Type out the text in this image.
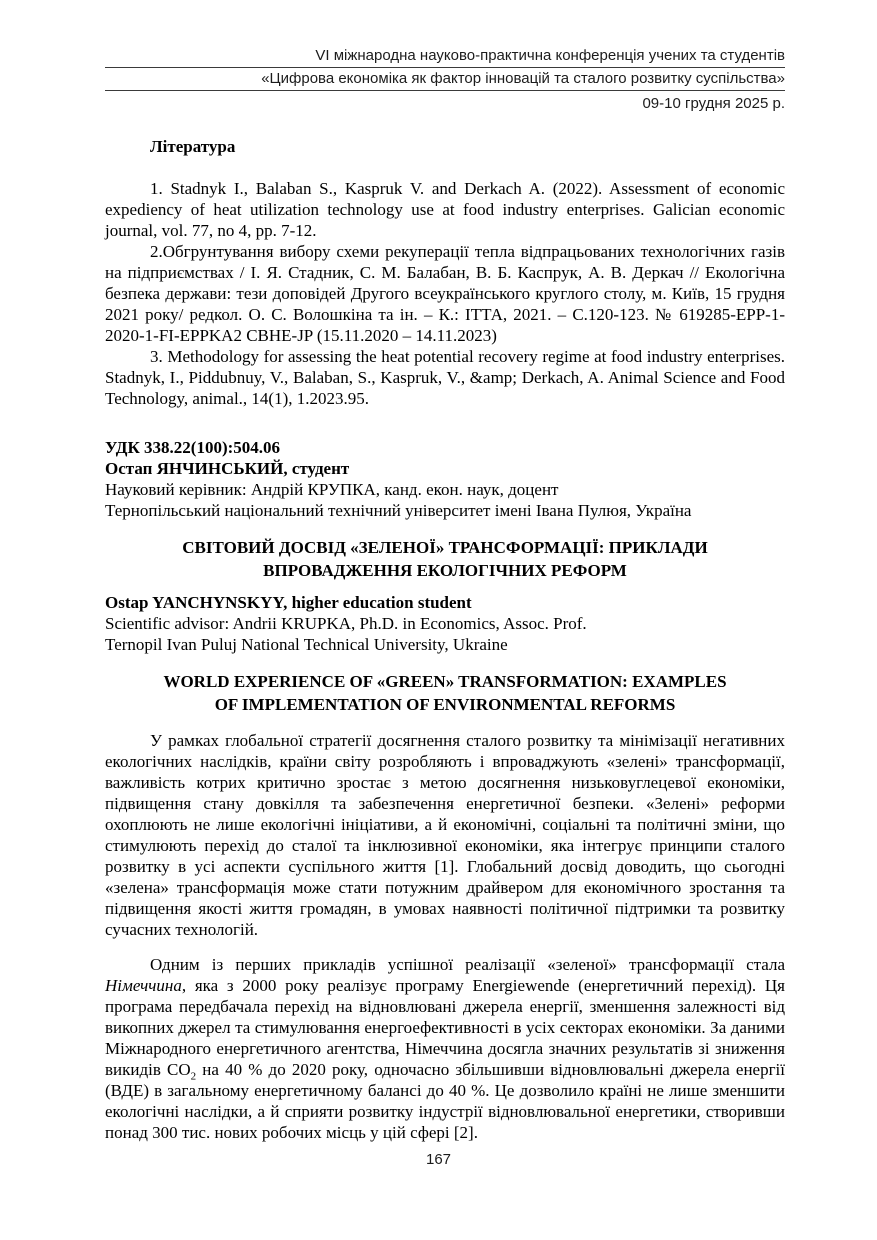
VI міжнародна науково-практична конференція учених та студентів
«Цифрова економіка як фактор інновацій та сталого розвитку суспільства»
09-10 грудня 2025 р.
Література

1. Stadnyk I., Balaban S., Kaspruk V. and Derkach A. (2022). Assessment of economic expediency of heat utilization technology use at food industry enterprises. Galician economic journal, vol. 77, no 4, pp. 7-12.

2.Обгрунтування вибору схеми рекуперації тепла відпрацьованих технологічних газів на підприємствах / І. Я. Стадник, С. М. Балабан, В. Б. Каспрук, А. В. Деркач // Екологічна безпека держави: тези доповідей Другого всеукраїнського круглого столу, м. Київ, 15 грудня 2021 року/ редкол. О. С. Волошкіна та ін. – К.: ІТТА, 2021. – С.120-123. № 619285-EPP-1-2020-1-FI-EPPKA2 CBHE-JP (15.11.2020 – 14.11.2023)

3. Methodology for assessing the heat potential recovery regime at food industry enterprises. Stadnyk, I., Piddubnuy, V., Balaban, S., Kaspruk, V., &amp; Derkach, A. Animal Science and Food Technology, animal., 14(1), 1.2023.95.

УДК 338.22(100):504.06

Остап ЯНЧИНСЬКИЙ, студент

Науковий керівник: Андрій КРУПКА, канд. екон. наук, доцент

Тернопільський національний технічний університет імені Івана Пулюя, Україна

СВІТОВИЙ ДОСВІД «ЗЕЛЕНОЇ» ТРАНСФОРМАЦІЇ: ПРИКЛАДИ
ВПРОВАДЖЕННЯ ЕКОЛОГІЧНИХ РЕФОРМ

Ostap YANCHYNSKYY, higher education student

Scientific advisor: Andrii KRUPKA, Ph.D. in Economics, Assoc. Prof.

Ternopil Ivan Puluj National Technical University, Ukraine

WORLD EXPERIENCE OF «GREEN» TRANSFORMATION: EXAMPLES
OF IMPLEMENTATION OF ENVIRONMENTAL REFORMS

У рамках глобальної стратегії досягнення сталого розвитку та мінімізації негативних екологічних наслідків, країни світу розробляють і впроваджують «зелені» трансформації, важливість котрих критично зростає з метою досягнення низьковуглецевої економіки, підвищення стану довкілля та забезпечення енергетичної безпеки. «Зелені» реформи охоплюють не лише екологічні ініціативи, а й економічні, соціальні та політичні зміни, що стимулюють перехід до сталої та інклюзивної економіки, яка інтегрує принципи сталого розвитку в усі аспекти суспільного життя [1]. Глобальний досвід доводить, що сьогодні «зелена» трансформація може стати потужним драйвером для економічного зростання та підвищення якості життя громадян, в умовах наявності політичної підтримки та розвитку сучасних технологій.

Одним із перших прикладів успішної реалізації «зеленої» трансформації стала Німеччина, яка з 2000 року реалізує програму Energiewende (енергетичний перехід). Ця програма передбачала перехід на відновлювані джерела енергії, зменшення залежності від викопних джерел та стимулювання енергоефективності в усіх секторах економіки. За даними Міжнародного енергетичного агентства, Німеччина досягла значних результатів зі зниження викидів $CO_2$ на 40 % до 2020 року, одночасно збільшивши відновлювальні джерела енергії (ВДЕ) в загальному енергетичному балансі до 40 %. Це дозволило країні не лише зменшити екологічні наслідки, а й сприяти розвитку індустрії відновлювальної енергетики, створивши понад 300 тис. нових робочих місць у цій сфері [2].

167
